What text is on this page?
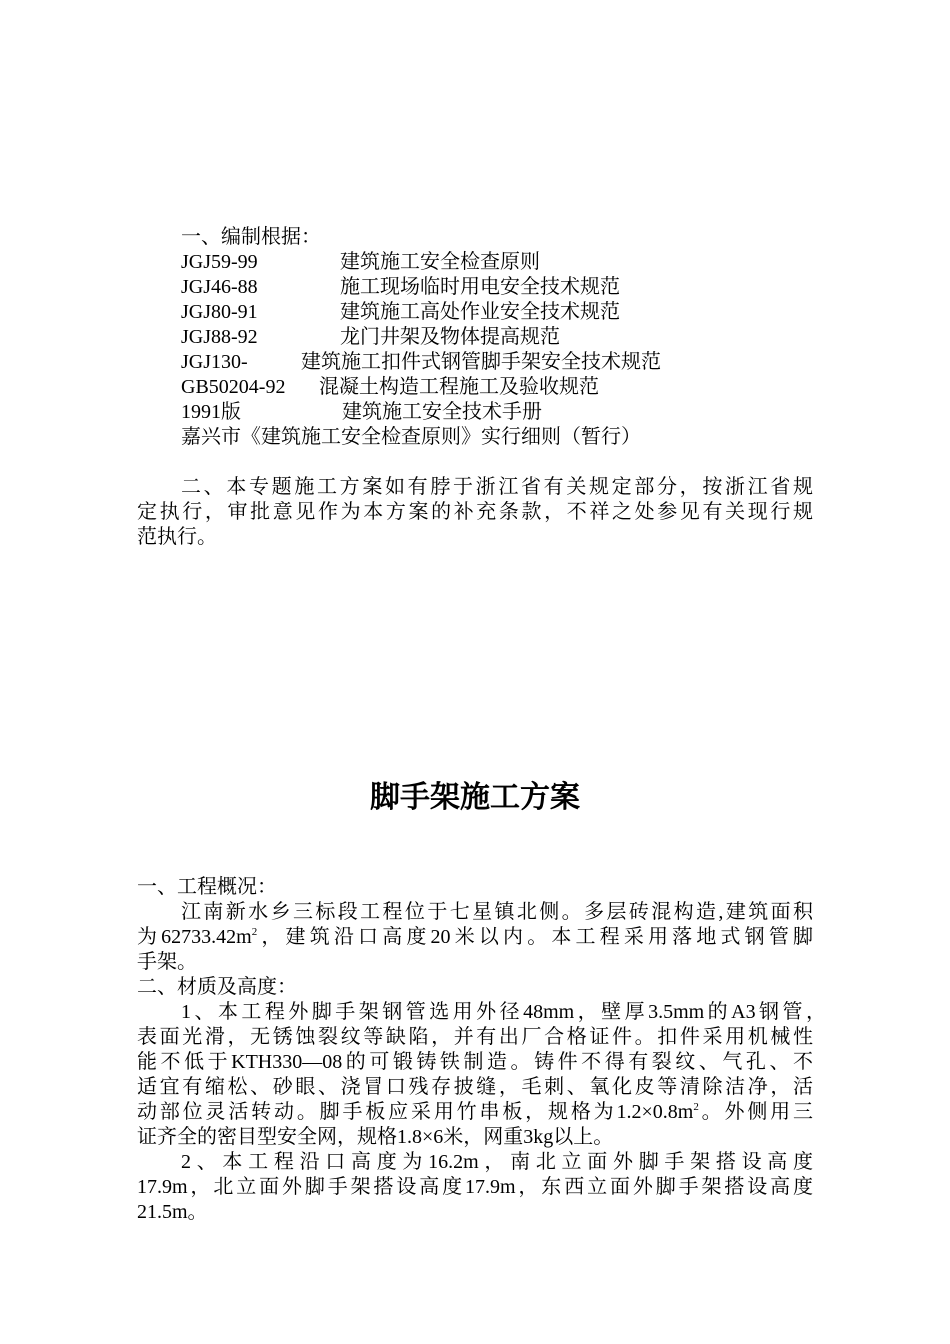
一、编制根据：
JGJ59-99	建筑施工安全检查原则
JGJ46-88	施工现场临时用电安全技术规范
JGJ80-91	建筑施工高处作业安全技术规范
JGJ88-92	龙门井架及物体提高规范
JGJ130-	建筑施工扣件式钢管脚手架安全技术规范
GB50204-92 混凝土构造工程施工及验收规范
1991版	建筑施工安全技术手册
嘉兴市《建筑施工安全检查原则》实行细则（暂行）
二、本专题施工方案如有脖于浙江省有关规定部分，按浙江省规
定执行，审批意见作为本方案的补充条款，不祥之处参见有关现行规
范执行。
脚手架施工方案
一、工程概况：
江南新水乡三标段工程位于七星镇北侧。多层砖混构造,建筑面积
为$62733.42m^2$，建筑沿口高度20米以内。本工程采用落地式钢管脚
手架。
二、材质及高度：
1、本工程外脚手架钢管选用外径48mm，壁厚3.5mm的A3钢管，
表面光滑，无锈蚀裂纹等缺陷，并有出厂合格证件。扣件采用机械性
能不低于KTH330—08的可锻铸铁制造。铸件不得有裂纹、气孔、不
适宜有缩松、砂眼、浇冒口残存披缝，毛刺、氧化皮等清除洁净，活
动部位灵活转动。脚手板应采用竹串板，规格为$1.2\times 0.8m^2$。外侧用三
证齐全的密目型安全网，规格1.8×6米，网重3kg以上。
2、本工程沿口高度为16.2m，南北立面外脚手架搭设高度
17.9m，北立面外脚手架搭设高度17.9m，东西立面外脚手架搭设高度
21.5m。
